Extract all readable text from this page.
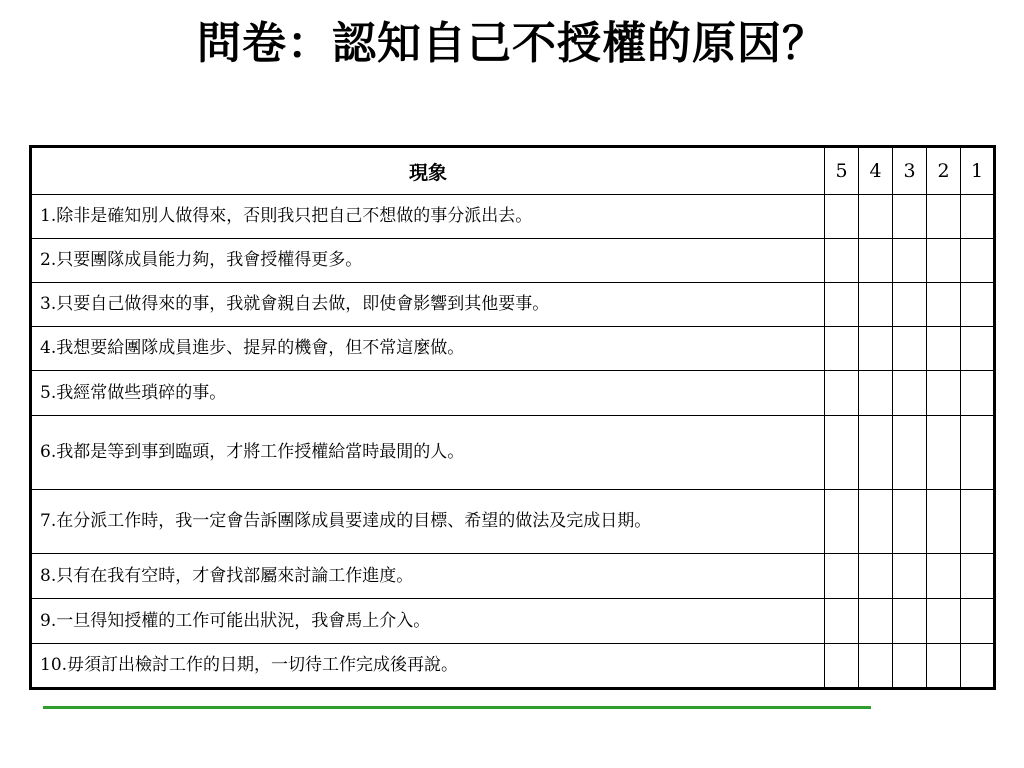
問卷：認知自己不授權的原因？
現象	5	4	3	2	1

1. 除非是確知別人做得來，否則我只把自己不想做的事分派出去。					

2. 只要團隊成員能力夠，我會授權得更多。					

3. 只要自己做得來的事，我就會親自去做，即使會影響到其他要事。					

4. 我想要給團隊成員進步、提昇的機會，但不常這麼做。					

5. 我經常做些瑣碎的事。					

6. 我都是等到事到臨頭，才將工作授權給當時最閒的人。					

7. 在分派工作時，我一定會告訴團隊成員要達成的目標、希望的做法及完成日期。					

8. 只有在我有空時，才會找部屬來討論工作進度。					

9. 一旦得知授權的工作可能出狀況，我會馬上介入。					

10. 毋須訂出檢討工作的日期，一切待工作完成後再說。					
